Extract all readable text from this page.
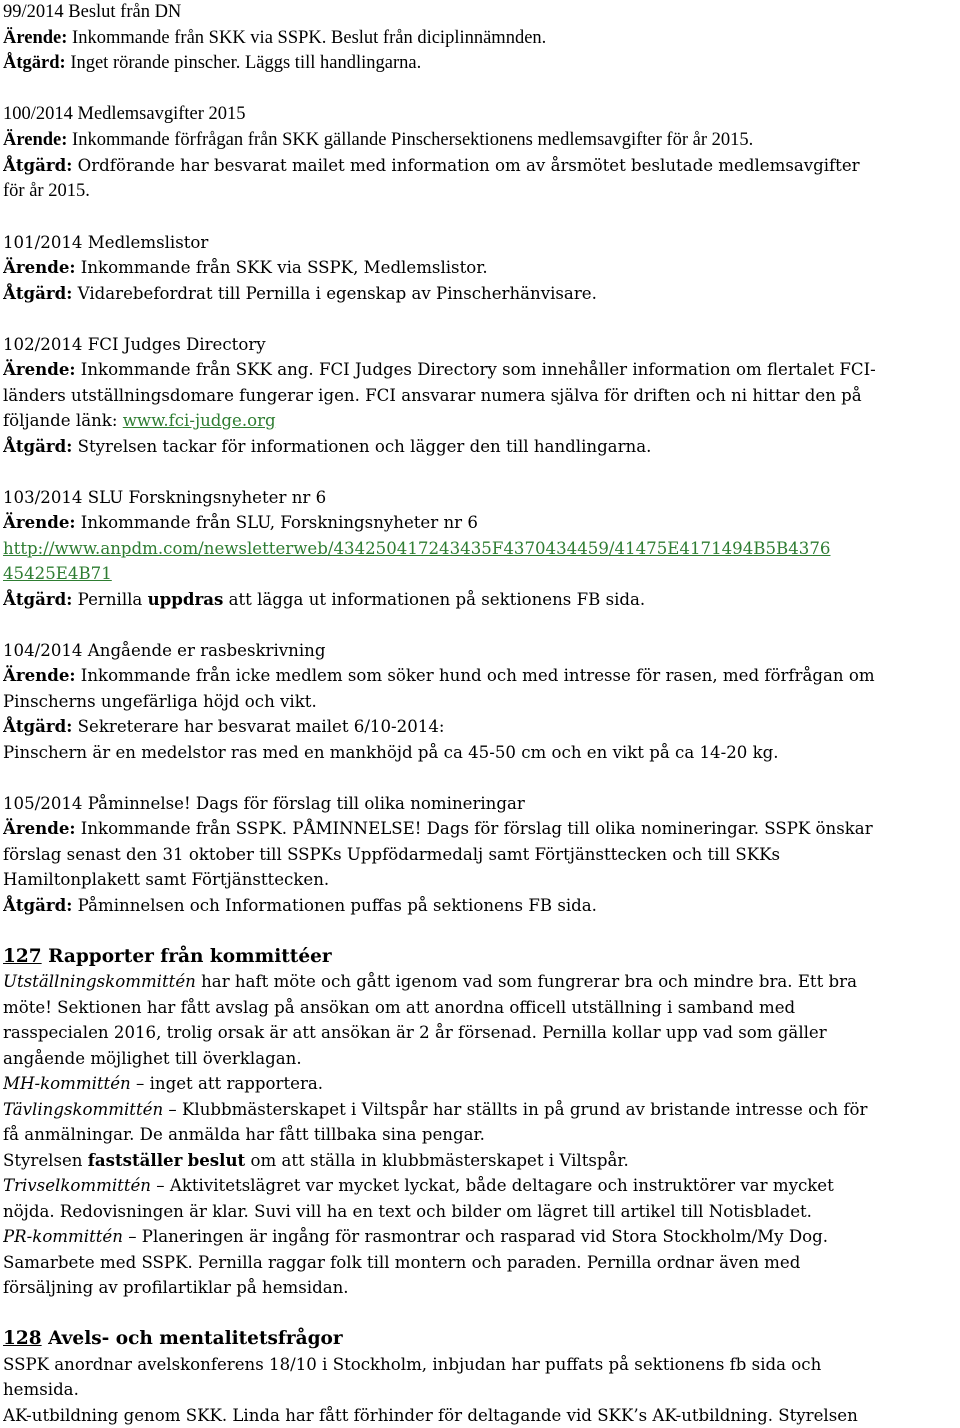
99/2014 Beslut från DN
Ärende: Inkommande från SKK via SSPK. Beslut från diciplinnämnden.
Åtgärd: Inget rörande pinscher. Läggs till handlingarna.
100/2014 Medlemsavgifter 2015
Ärende: Inkommande förfrågan från SKK gällande Pinschersektionens medlemsavgifter för år 2015.
Åtgärd: Ordförande har besvarat mailet med information om av årsmötet beslutade medlemsavgifter
för år 2015.
101/2014 Medlemslistor
Ärende: Inkommande från SKK via SSPK, Medlemslistor.
Åtgärd: Vidarebefordrat till Pernilla i egenskap av Pinscherhänvisare.
102/2014 FCI Judges Directory
Ärende: Inkommande från SKK ang. FCI Judges Directory som innehåller information om flertalet FCI-
länders utställningsdomare fungerar igen. FCI ansvarar numera själva för driften och ni hittar den på
följande länk: www.fci-judge.org
Åtgärd: Styrelsen tackar för informationen och lägger den till handlingarna.
103/2014 SLU Forskningsnyheter nr 6
Ärende: Inkommande från SLU, Forskningsnyheter nr 6
http://www.anpdm.com/newsletterweb/434250417243435F4370434459/41475E4171494B5B4376
45425E4B71
Åtgärd: Pernilla uppdras att lägga ut informationen på sektionens FB sida.
104/2014 Angående er rasbeskrivning
Ärende: Inkommande från icke medlem som söker hund och med intresse för rasen, med förfrågan om
Pinscherns ungefärliga höjd och vikt.
Åtgärd: Sekreterare har besvarat mailet 6/10-2014:
Pinschern är en medelstor ras med en mankhöjd på ca 45-50 cm och en vikt på ca 14-20 kg.
105/2014 Påminnelse! Dags för förslag till olika nomineringar
Ärende: Inkommande från SSPK. PÅMINNELSE! Dags för förslag till olika nomineringar. SSPK önskar
förslag senast den 31 oktober till SSPKs Uppfödarmedalj samt Förtjänsttecken och till SKKs
Hamiltonplakett samt Förtjänsttecken.
Åtgärd: Påminnelsen och Informationen puffas på sektionens FB sida.
127 Rapporter från kommittéer
Utställningskommittén har haft möte och gått igenom vad som fungrerar bra och mindre bra. Ett bra
möte! Sektionen har fått avslag på ansökan om att anordna officell utställning i samband med
rasspecialen 2016, trolig orsak är att ansökan är 2 år försenad. Pernilla kollar upp vad som gäller
angående möjlighet till överklagan.
MH-kommittén – inget att rapportera.
Tävlingskommittén – Klubbmästerskapet i Viltspår har ställts in på grund av bristande intresse och för
få anmälningar. De anmälda har fått tillbaka sina pengar.
Styrelsen fastställer beslut om att ställa in klubbmästerskapet i Viltspår.
Trivselkommittén – Aktivitetslägret var mycket lyckat, både deltagare och instruktörer var mycket
nöjda. Redovisningen är klar. Suvi vill ha en text och bilder om lägret till artikel till Notisbladet.
PR-kommittén – Planeringen är ingång för rasmontrar och rasparad vid Stora Stockholm/My Dog.
Samarbete med SSPK. Pernilla raggar folk till montern och paraden. Pernilla ordnar även med
försäljning av profilartiklar på hemsidan.
128 Avels- och mentalitetsfrågor
SSPK anordnar avelskonferens 18/10 i Stockholm, inbjudan har puffats på sektionens fb sida och
hemsida.
AK-utbildning genom SKK. Linda har fått förhinder för deltagande vid SKK’s AK-utbildning. Styrelsen
